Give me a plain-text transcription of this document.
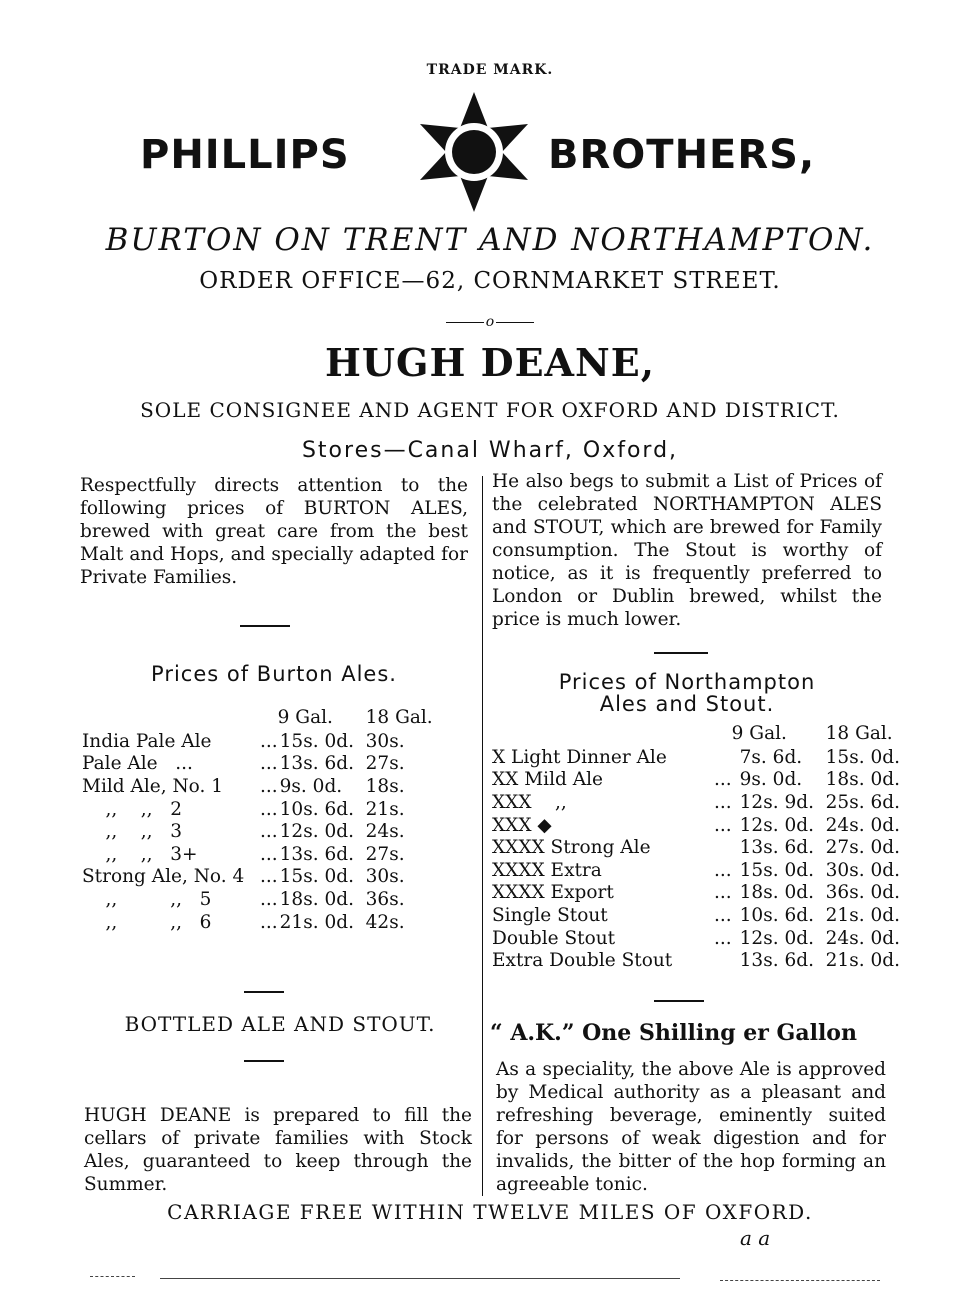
TRADE MARK.
PHILLIPS	BROTHERS,
BURTON ON TRENT AND NORTHAMPTON.
ORDER OFFICE—62, CORNMARKET STREET.
o
HUGH DEANE,
SOLE CONSIGNEE AND AGENT FOR OXFORD AND DISTRICT.
Stores—Canal Wharf, Oxford,

Respectfully directs attention to the following prices of BURTON ALES, brewed with great care from the best Malt and Hops, and specially adapted for Private Families.

Prices of Burton Ales.
		9 Gal.	18 Gal.
India Pale Ale	...	15s. 0d.	30s.
Pale Ale   ...	...	13s. 6d.	27s.
Mild Ale, No. 1	...	9s. 0d.	18s.
,,    ,,   2	...	10s. 6d.	21s.
,,    ,,   3	...	12s. 0d.	24s.
,,    ,,   3+	...	13s. 6d.	27s.
Strong Ale, No. 4	...	15s. 0d.	30s.
,,         ,,   5	...	18s. 0d.	36s.
,,         ,,   6	...	21s. 0d.	42s.
BOTTLED ALE AND STOUT.

HUGH DEANE is prepared to fill the cellars of private families with Stock Ales, guaranteed to keep through the Summer.

He also begs to submit a List of Prices of the celebrated NORTHAMPTON ALES and STOUT, which are brewed for Family consumption. The Stout is worthy of notice, as it is frequently preferred to London or Dublin brewed, whilst the price is much lower.

Prices of Northampton
Ales and Stout.
		9 Gal.	18 Gal.
X Light Dinner Ale		7s. 6d.	15s. 0d.
XX Mild Ale	...	9s. 0d.	18s. 0d.
XXX    ,,	...	12s. 9d.	25s. 6d.
XXX ◆	...	12s. 0d.	24s. 0d.
XXXX Strong Ale		13s. 6d.	27s. 0d.
XXXX Extra	...	15s. 0d.	30s. 0d.
XXXX Export	...	18s. 0d.	36s. 0d.
Single Stout	...	10s. 6d.	21s. 0d.
Double Stout	...	12s. 0d.	24s. 0d.
Extra Double Stout		13s. 6d.	21s. 0d.
“ A.K.” One Shilling er Gallon

As a speciality, the above Ale is approved by Medical authority as a pleasant and refreshing beverage, eminently suited for persons of weak digestion and for invalids, the bitter of the hop forming an agreeable tonic.

CARRIAGE FREE WITHIN TWELVE MILES OF OXFORD.
a a
